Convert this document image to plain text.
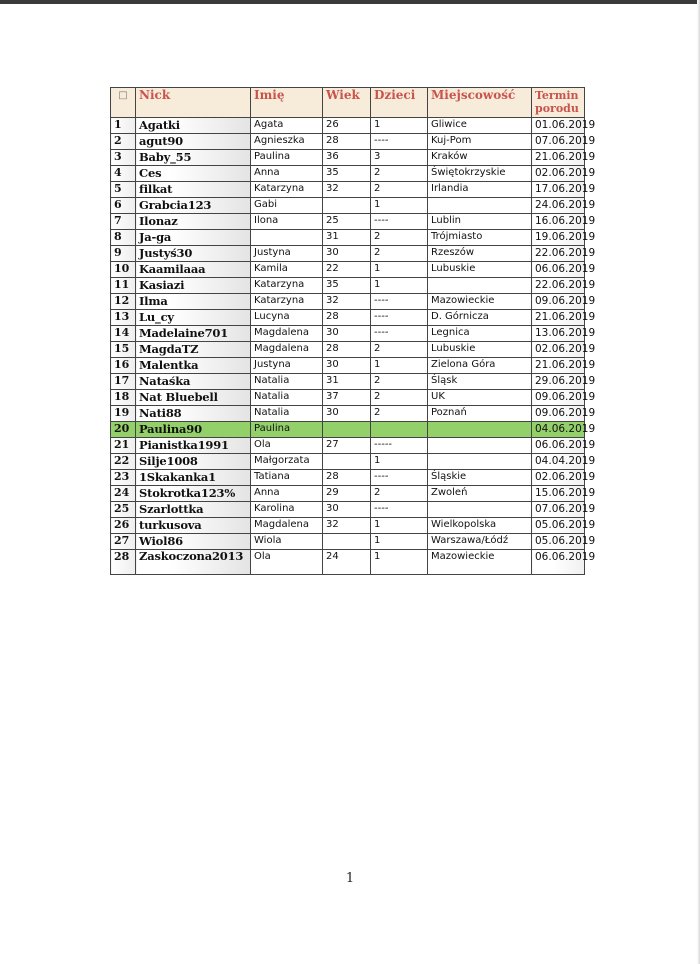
□	Nick	Imię	Wiek	Dzieci	Miejscowość	Termin porodu
1	Agatki	Agata	26	1	Gliwice	01.06.2019
2	agut90	Agnieszka	28	----	Kuj-Pom	07.06.2019
3	Baby_55	Paulina	36	3	Kraków	21.06.2019
4	Ces	Anna	35	2	Świętokrzyskie	02.06.2019
5	filkat	Katarzyna	32	2	Irlandia	17.06.2019
6	Grabcia123	Gabi		1		24.06.2019
7	Ilonaz	Ilona	25	----	Lublin	16.06.2019
8	Ja-ga		31	2	Trójmiasto	19.06.2019
9	Justyś30	Justyna	30	2	Rzeszów	22.06.2019
10	Kaamilaaa	Kamila	22	1	Lubuskie	06.06.2019
11	Kasiazi	Katarzyna	35	1		22.06.2019
12	Ilma	Katarzyna	32	----	Mazowieckie	09.06.2019
13	Lu_cy	Lucyna	28	----	D. Górnicza	21.06.2019
14	Madelaine701	Magdalena	30	----	Legnica	13.06.2019
15	MagdaTZ	Magdalena	28	2	Lubuskie	02.06.2019
16	Malentka	Justyna	30	1	Zielona Góra	21.06.2019
17	Nataśka	Natalia	31	2	Śląsk	29.06.2019
18	Nat Bluebell	Natalia	37	2	UK	09.06.2019
19	Nati88	Natalia	30	2	Poznań	09.06.2019
20	Paulina90	Paulina				04.06.2019
21	Pianistka1991	Ola	27	-----		06.06.2019
22	Silje1008	Małgorzata		1		04.04.2019
23	1Skakanka1	Tatiana	28	----	Śląskie	02.06.2019
24	Stokrotka123%	Anna	29	2	Zwoleń	15.06.2019
25	Szarlottka	Karolina	30	----		07.06.2019
26	turkusova	Magdalena	32	1	Wielkopolska	05.06.2019
27	Wiol86	Wiola		1	Warszawa/Łódź	05.06.2019
28	Zaskoczona2013	Ola	24	1	Mazowieckie	06.06.2019
1
